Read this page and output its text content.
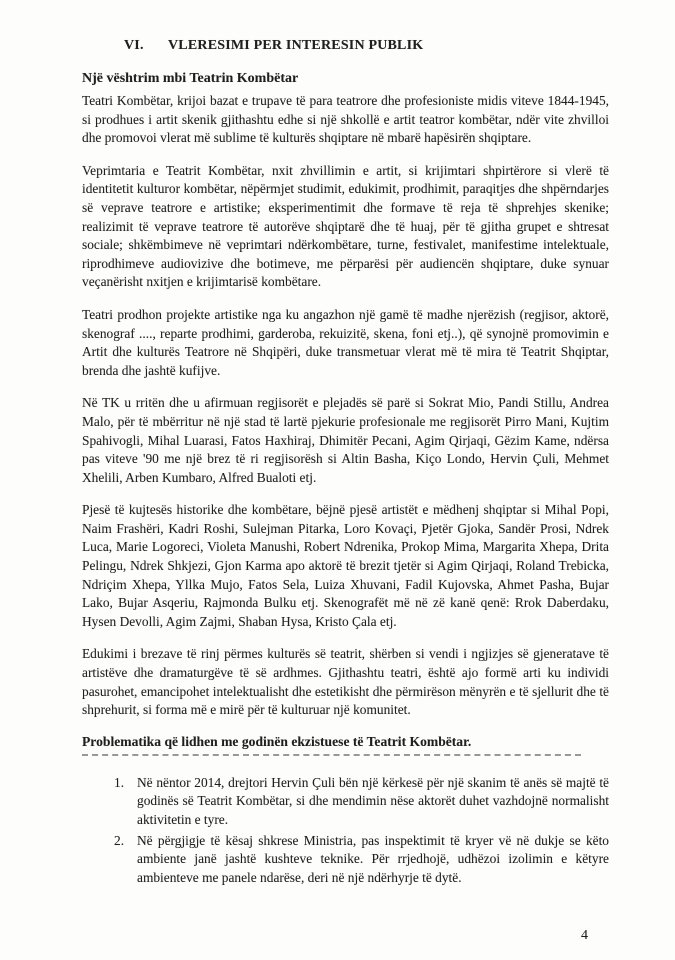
VI. VLERESIMI PER INTERESIN PUBLIK
Një vështrim mbi Teatrin Kombëtar

Teatri Kombëtar, krijoi bazat e trupave të para teatrore dhe profesioniste midis viteve 1844-1945, si prodhues i artit skenik gjithashtu edhe si një shkollë e artit teatror kombëtar, ndër vite zhvilloi dhe promovoi vlerat më sublime të kulturës shqiptare në mbarë hapësirën shqiptare.

Veprimtaria e Teatrit Kombëtar, nxit zhvillimin e artit, si krijimtari shpirtërore si vlerë të identitetit kulturor kombëtar, nëpërmjet studimit, edukimit, prodhimit, paraqitjes dhe shpërndarjes së veprave teatrore e artistike; eksperimentimit dhe formave të reja të shprehjes skenike; realizimit të veprave teatrore të autorëve shqiptarë dhe të huaj, për të gjitha grupet e shtresat sociale; shkëmbimeve në veprimtari ndërkombëtare, turne, festivalet, manifestime intelektuale, riprodhimeve audiovizive dhe botimeve, me përparësi për audiencën shqiptare, duke synuar veçanërisht nxitjen e krijimtarisë kombëtare.

Teatri prodhon projekte artistike nga ku angazhon një gamë të madhe njerëzish (regjisor, aktorë, skenograf ...., reparte prodhimi, garderoba, rekuizitë, skena, foni etj..), që synojnë promovimin e Artit dhe kulturës Teatrore në Shqipëri, duke transmetuar vlerat më të mira të Teatrit Shqiptar, brenda dhe jashtë kufijve.

Në TK u rritën dhe u afirmuan regjisorët e plejadës së parë si Sokrat Mio, Pandi Stillu, Andrea Malo, për të mbërritur në një stad të lartë pjekurie profesionale me regjisorët Pirro Mani, Kujtim Spahivogli, Mihal Luarasi, Fatos Haxhiraj, Dhimitër Pecani, Agim Qirjaqi, Gëzim Kame, ndërsa pas viteve '90 me një brez të ri regjisorësh si Altin Basha, Kiço Londo, Hervin Çuli, Mehmet Xhelili, Arben Kumbaro, Alfred Bualoti etj.

Pjesë të kujtesës historike dhe kombëtare, bëjnë pjesë artistët e mëdhenj shqiptar si Mihal Popi, Naim Frashëri, Kadri Roshi, Sulejman Pitarka, Loro Kovaçi, Pjetër Gjoka, Sandër Prosi, Ndrek Luca, Marie Logoreci, Violeta Manushi, Robert Ndrenika, Prokop Mima, Margarita Xhepa, Drita Pelingu, Ndrek Shkjezi, Gjon Karma apo aktorë të brezit tjetër si Agim Qirjaqi, Roland Trebicka, Ndriçim Xhepa, Yllka Mujo, Fatos Sela, Luiza Xhuvani, Fadil Kujovska, Ahmet Pasha, Bujar Lako, Bujar Asqeriu, Rajmonda Bulku etj. Skenografët më në zë kanë qenë: Rrok Daberdaku, Hysen Devolli, Agim Zajmi, Shaban Hysa, Kristo Çala etj.

Edukimi i brezave të rinj përmes kulturës së teatrit, shërben si vendi i ngjizjes së gjeneratave të artistëve dhe dramaturgëve të së ardhmes. Gjithashtu teatri, është ajo formë arti ku individi pasurohet, emancipohet intelektualisht dhe estetikisht dhe përmirëson mënyrën e të sjellurit dhe të shprehurit, si forma më e mirë për të kulturuar një komunitet.

Problematika që lidhen me godinën ekzistuese të Teatrit Kombëtar.
1. Në nëntor 2014, drejtori Hervin Çuli bën një kërkesë për një skanim të anës së majtë të godinës së Teatrit Kombëtar, si dhe mendimin nëse aktorët duhet vazhdojnë normalisht aktivitetin e tyre.
2. Në përgjigje të kësaj shkrese Ministria, pas inspektimit të kryer vë në dukje se këto ambiente janë jashtë kushteve teknike. Për rrjedhojë, udhëzoi izolimin e këtyre ambienteve me panele ndarëse, deri në një ndërhyrje të dytë.
4
